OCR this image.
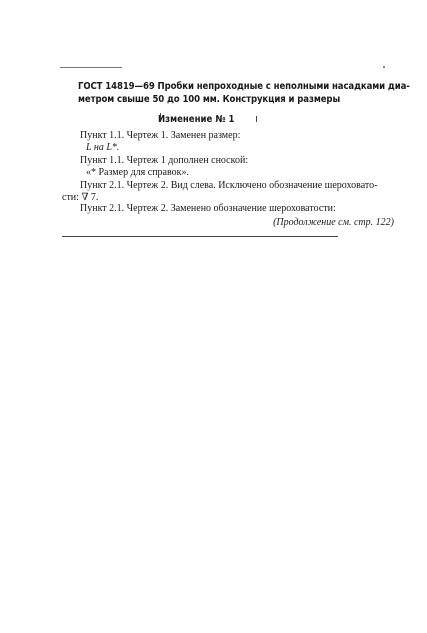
ГОСТ 14819—69 Пробки непроходные с неполными насадками диа-
метром свыше 50 до 100 мм. Конструкция и размеры
Изменение № 1

Пункт 1.1. Чертеж 1. Заменен размер:

L на L*.

Пункт 1.1. Чертеж 1 дополнен сноской:

«* Размер для справок».

Пункт 2.1. Чертеж 2. Вид слева. Исключено обозначение шероховато-

сти: ∇ 7.

Пункт 2.1. Чертеж 2. Заменено обозначение шероховатости:

(Продолжение см. стр. 122)
